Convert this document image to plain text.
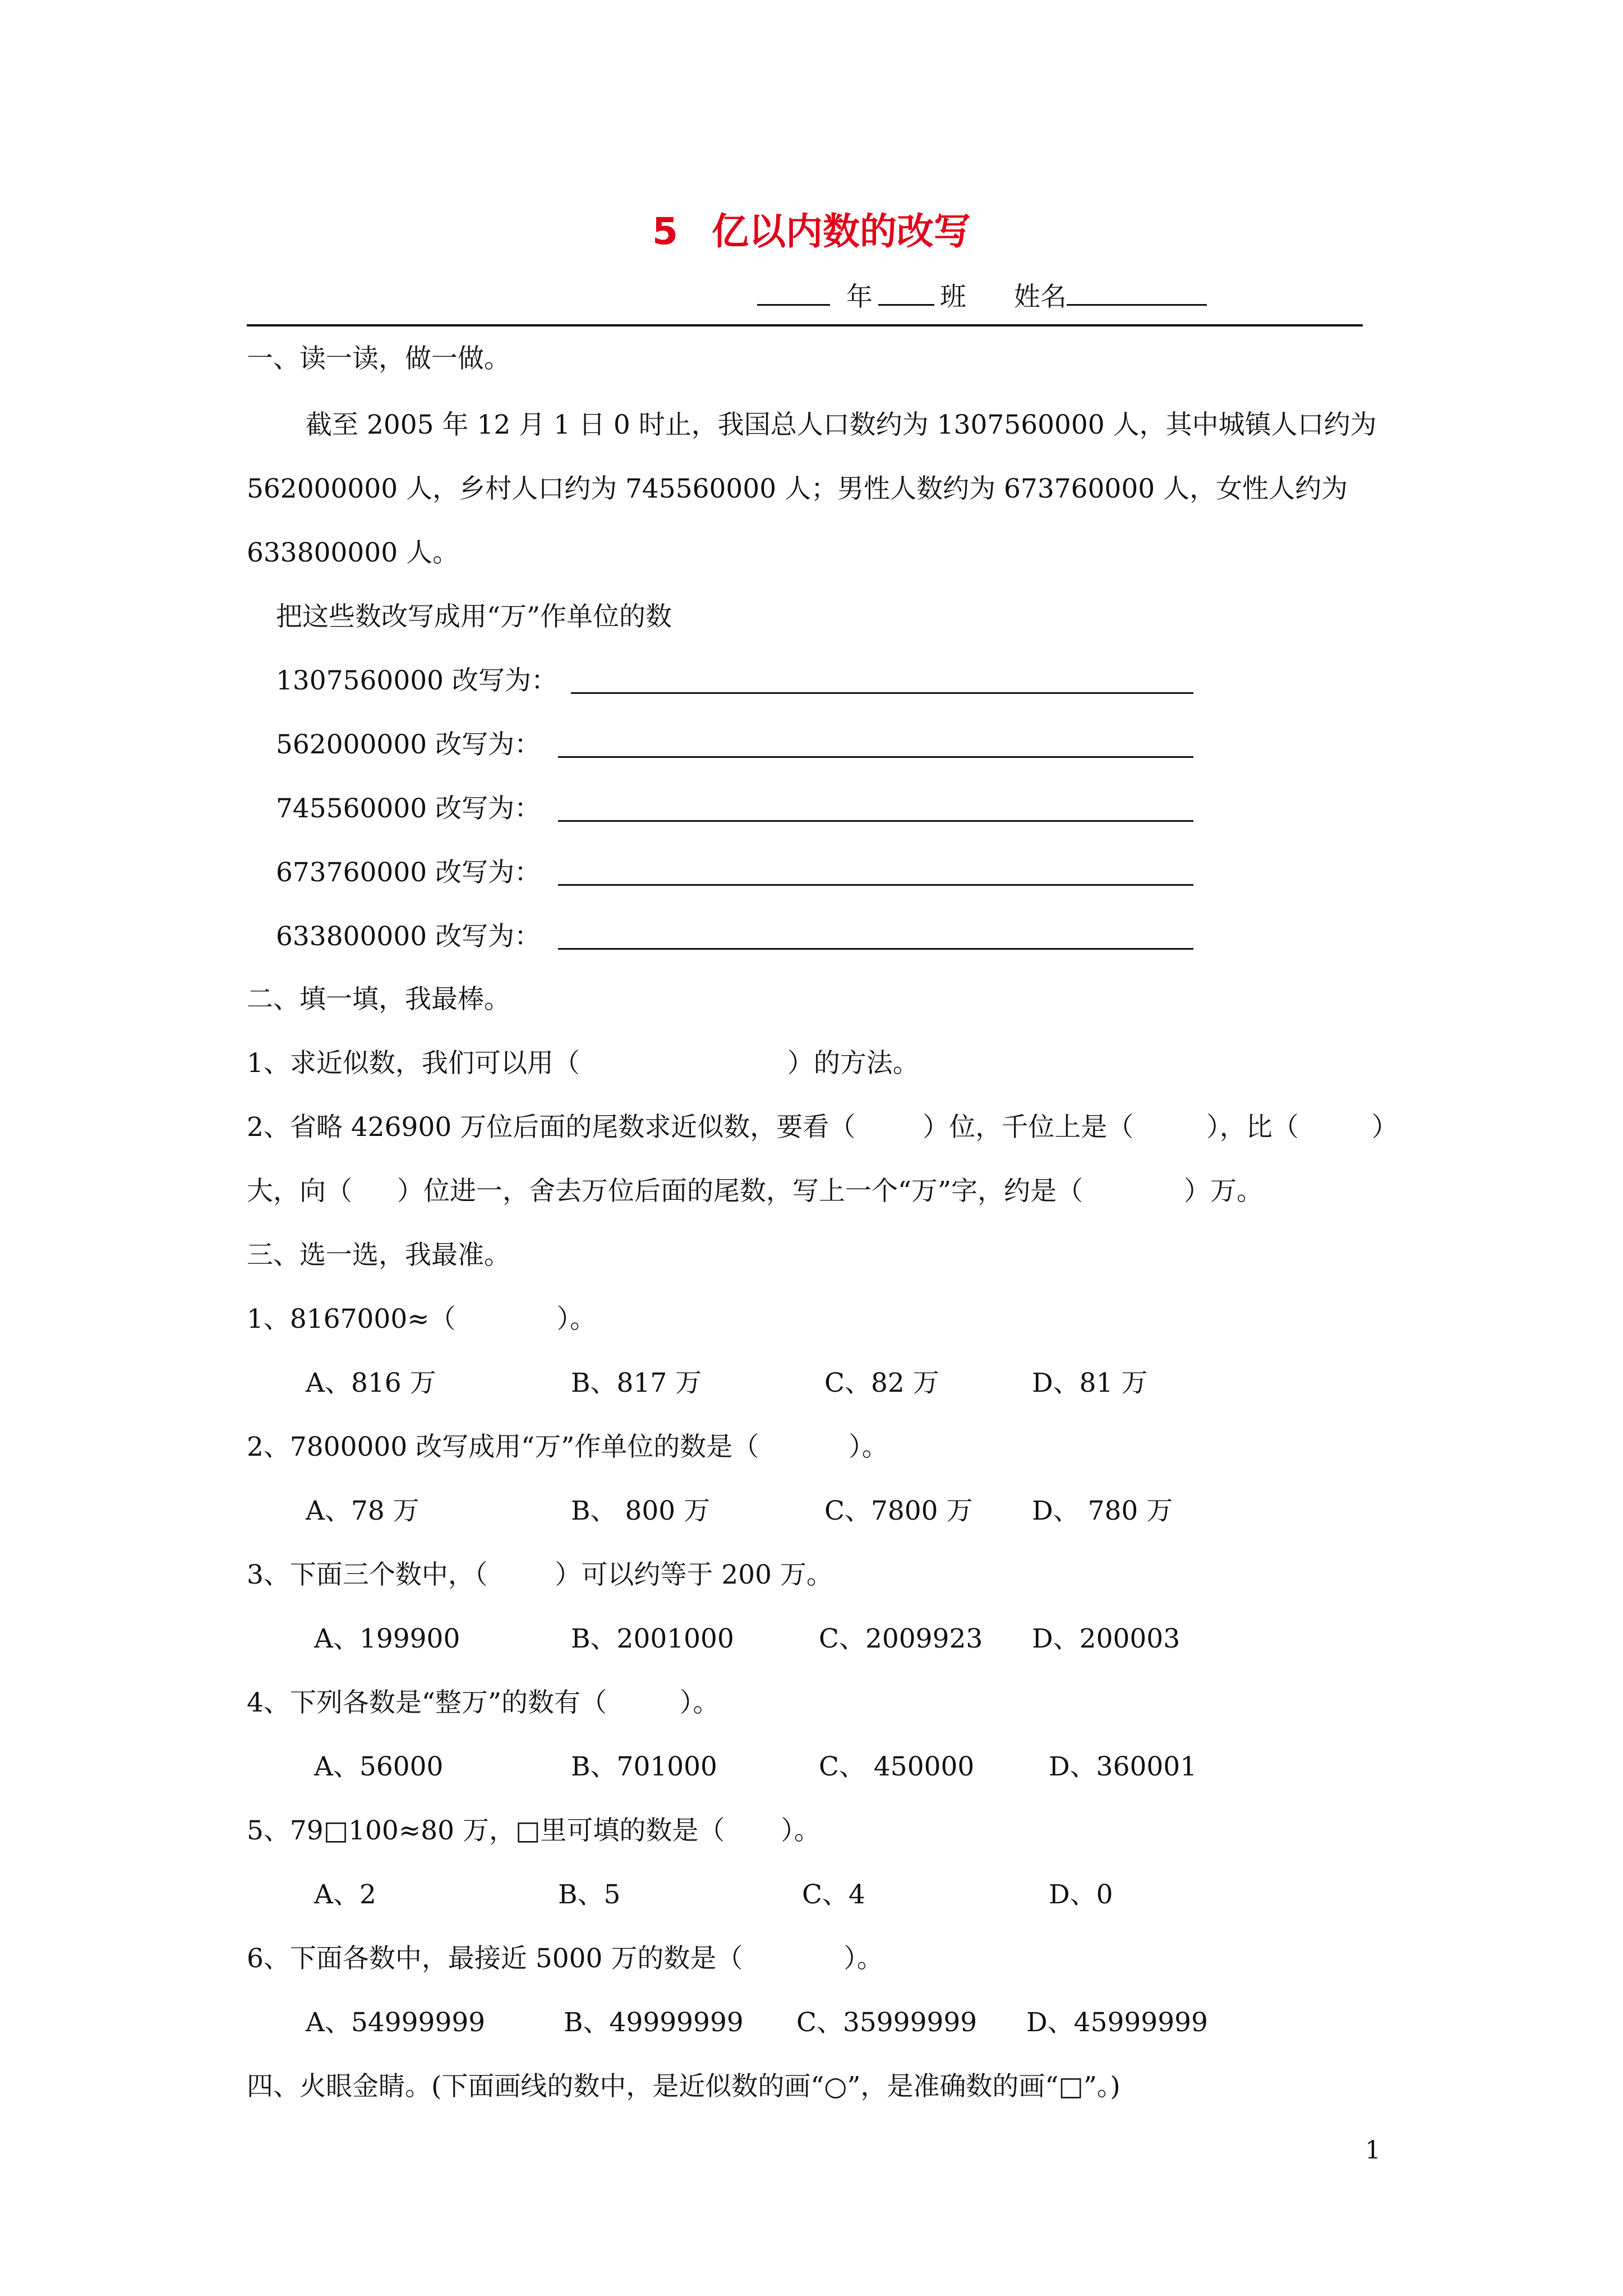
5 亿以内数的改写
年	班 姓名
一、读一读，做一做。
截至 2005 年 12 月 1 日 0 时止，我国总人口数约为 1307560000 人，其中城镇人口约为
562000000 人，乡村人口约为 745560000 人；男性人数约为 673760000 人，女性人约为
633800000 人。
把这些数改写成用“万”作单位的数
1307560000 改写为：
562000000 改写为：
745560000 改写为：
673760000 改写为：
633800000 改写为：
二、填一填，我最棒。
1、求近似数，我们可以用（	）的方法。
2、省略 426900 万位后面的尾数求近似数，要看（	）位，千位上是（	），比（	）
大，向（ ）位进一，舍去万位后面的尾数，写上一个“万”字，约是（	）万。
三、选一选，我最准。
1、8167000≈（	）。
A、816 万	B、817 万	C、82 万	D、81 万
2、7800000 改写成用“万”作单位的数是（	）。
A、78 万	B、 800 万	C、7800 万 D、 780 万
3、下面三个数中，（	）可以约等于 200 万。
A、199900	B、2001000	C、2009923 D、200003
4、下列各数是“整万”的数有（	）。
A、56000	B、701000	C、 450000	D、360001
5、79□100≈80 万，□里可填的数是（ ）。
A、2	B、5	C、4	D、0
6、下面各数中，最接近 5000 万的数是（	）。
A、54999999	B、49999999 C、35999999 D、45999999
四、火眼金睛。(下面画线的数中，是近似数的画“○”，是准确数的画“□”。)
1
